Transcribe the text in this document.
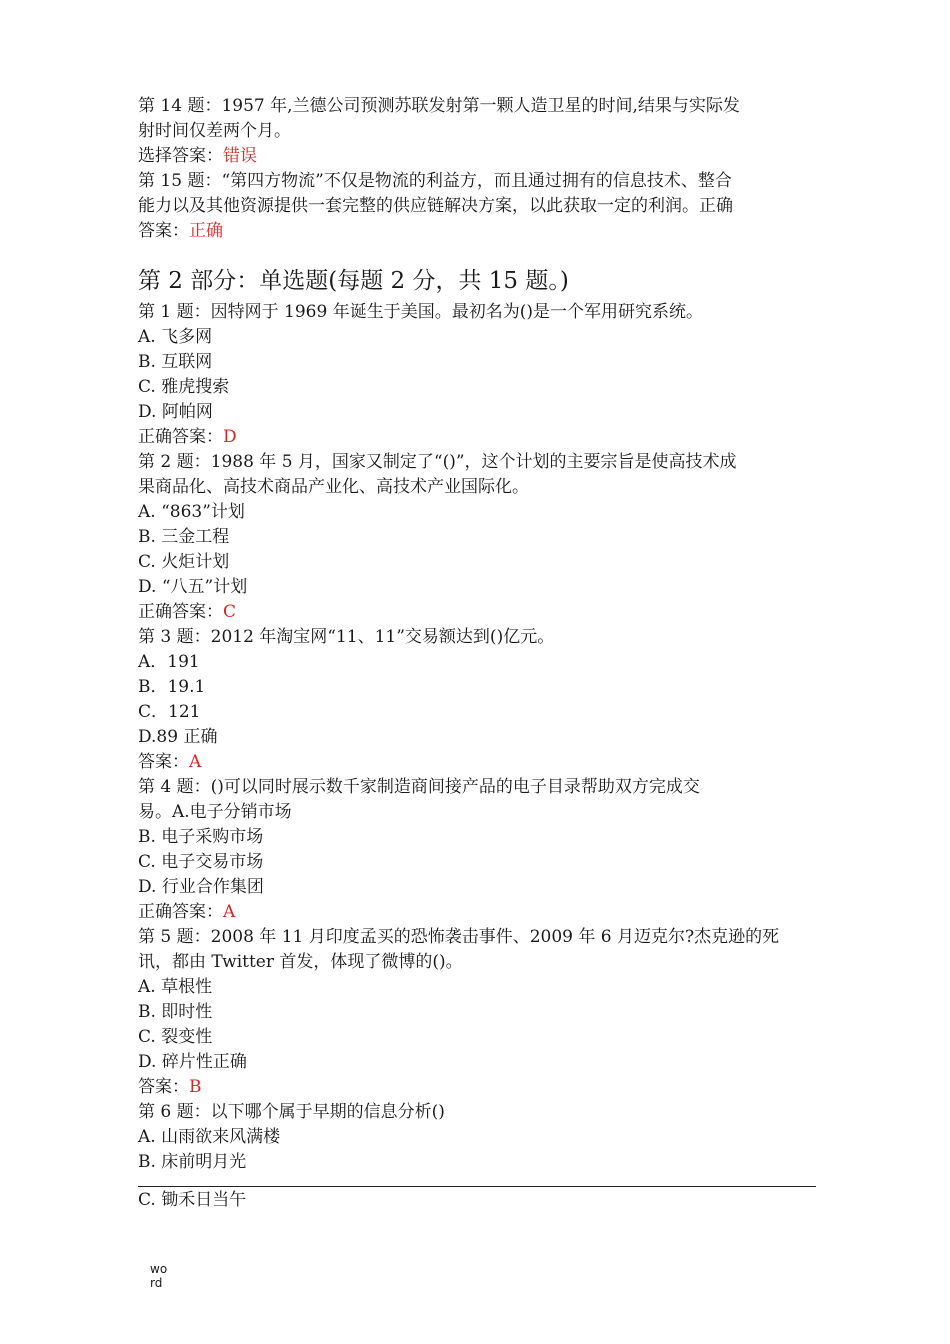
第 14 题：1957 年,兰德公司预测苏联发射第一颗人造卫星的时间,结果与实际发
射时间仅差两个月。
选择答案：错误
第 15 题：“第四方物流”不仅是物流的利益方，而且通过拥有的信息技术、整合
能力以及其他资源提供一套完整的供应链解决方案，以此获取一定的利润。正确
答案：正确
第 2 部分：单选题(每题 2 分，共 15 题。)
第 1 题：因特网于 1969 年诞生于美国。最初名为()是一个军用研究系统。
A. 飞多网
B. 互联网
C. 雅虎搜索
D. 阿帕网
正确答案：D
第 2 题：1988 年 5 月，国家又制定了“()”，这个计划的主要宗旨是使高技术成
果商品化、高技术商品产业化、高技术产业国际化。
A. “863”计划
B. 三金工程
C. 火炬计划
D. “八五”计划
正确答案：C
第 3 题：2012 年淘宝网“11、11”交易额达到()亿元。
A．191
B．19.1
C．121
D.89 正确
答案：A
第 4 题：()可以同时展示数千家制造商间接产品的电子目录帮助双方完成交
易。A.电子分销市场
B. 电子采购市场
C. 电子交易市场
D. 行业合作集团
正确答案：A
第 5 题：2008 年 11 月印度孟买的恐怖袭击事件、2009 年 6 月迈克尔?杰克逊的死
讯，都由 Twitter 首发，体现了微博的()。
A. 草根性
B. 即时性
C. 裂变性
D. 碎片性正确
答案：B
第 6 题：以下哪个属于早期的信息分析()
A. 山雨欲来风满楼
B. 床前明月光
C. 锄禾日当午
word
